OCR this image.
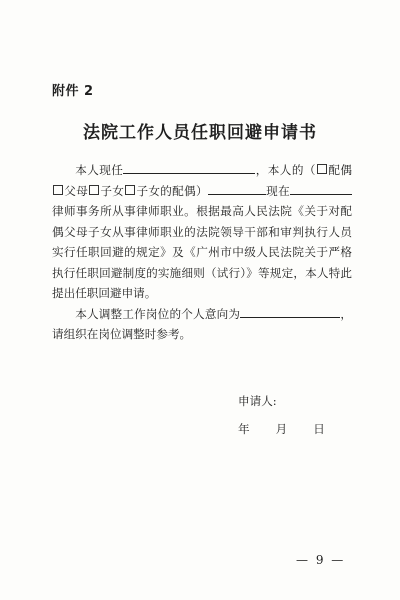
附件 2
法院工作人员任职回避申请书

本人现任	，本人的（ 配偶父母 子女 子女的配偶）	现在律师事务所从事律师职业。根据最高人民法院《关于对配偶父母子女从事律师职业的法院领导干部和审判执行人员实行任职回避的规定》及《广州市中级人民法院关于严格执行任职回避制度的实施细则（试行）》等规定，本人特此提出任职回避申请。

本人调整工作岗位的个人意向为	，请组织在岗位调整时参考。

申请人:
年 月 日
— 9 —
